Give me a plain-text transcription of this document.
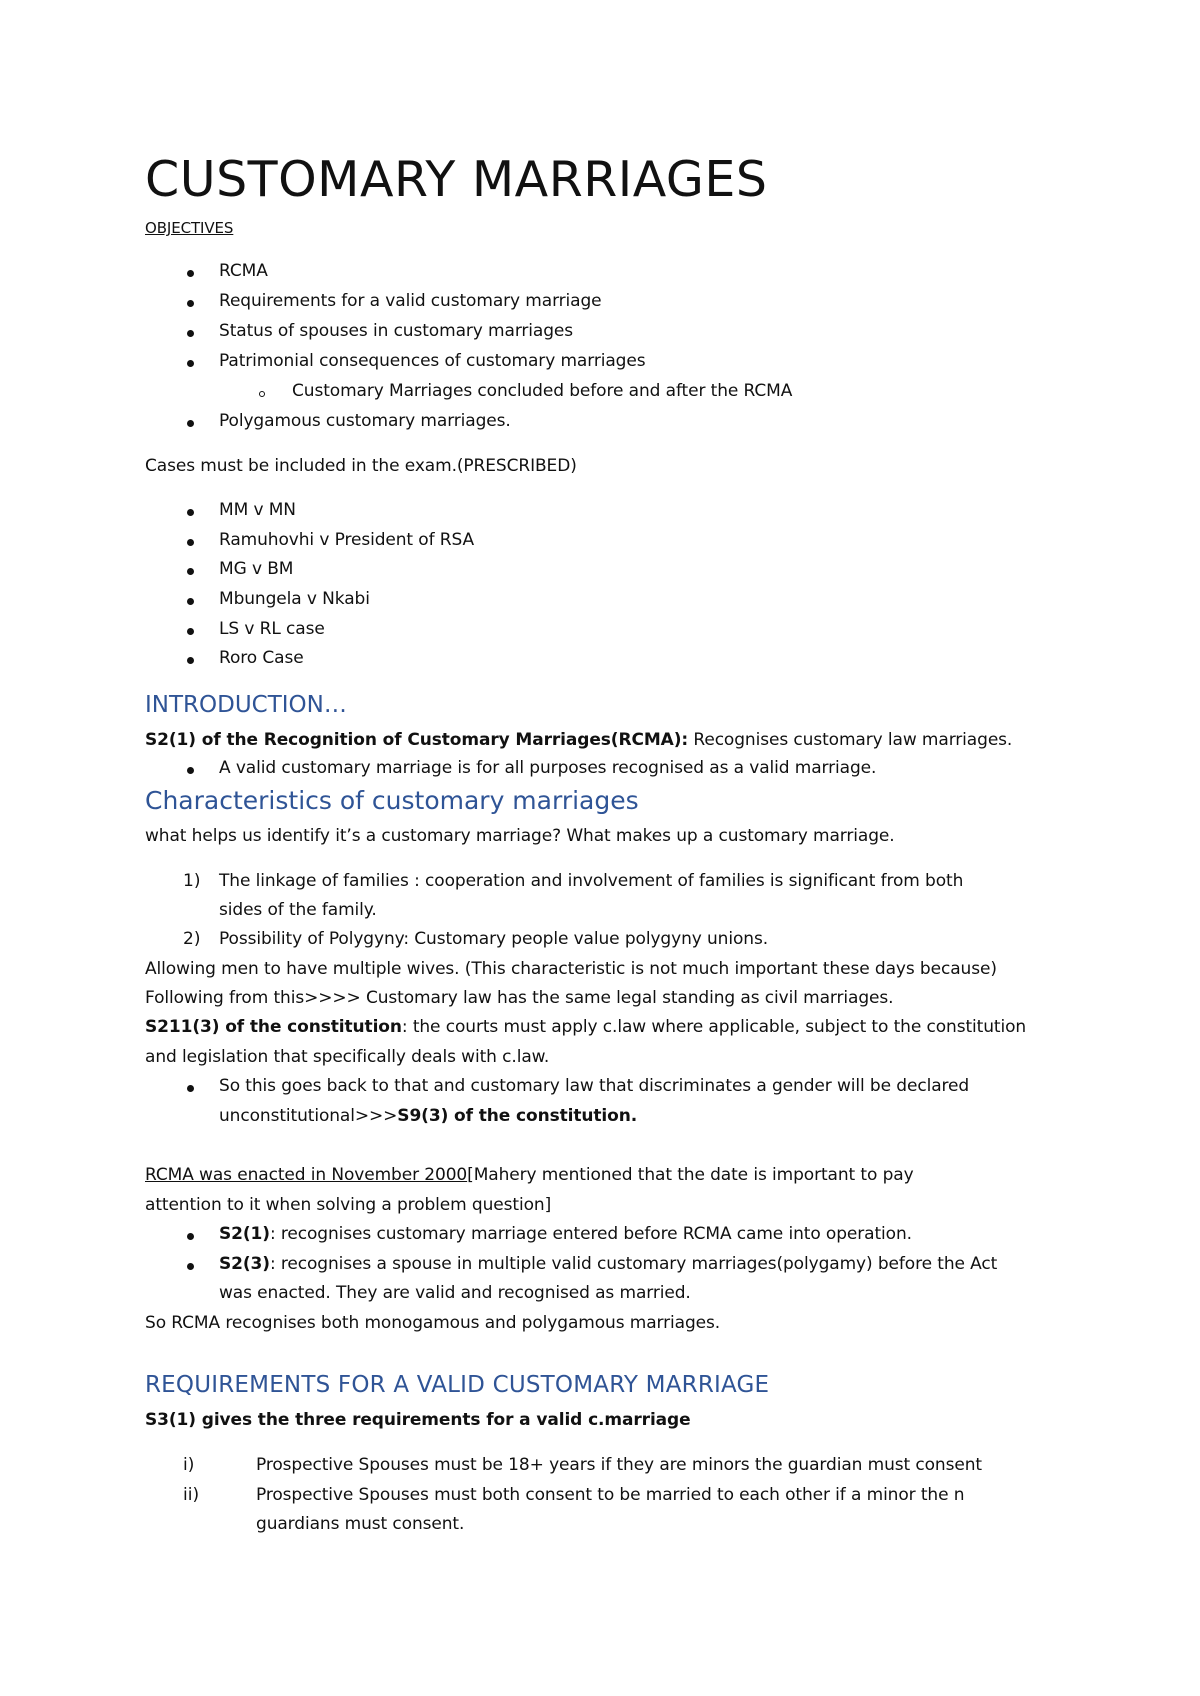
CUSTOMARY MARRIAGES
OBJECTIVES
RCMA
Requirements for a valid customary marriage
Status of spouses in customary marriages
Patrimonial consequences of customary marriages
Customary Marriages concluded before and after the RCMA
Polygamous customary marriages.
Cases must be included in the exam.(PRESCRIBED)
MM v MN
Ramuhovhi v President of RSA
MG v BM
Mbungela v Nkabi
LS v RL case
Roro Case
INTRODUCTION…
S2(1) of the Recognition of Customary Marriages(RCMA): Recognises customary law marriages.
A valid customary marriage is for all purposes recognised as a valid marriage.
Characteristics of customary marriages
what helps us identify it’s a customary marriage? What makes up a customary marriage.
1) The linkage of families : cooperation and involvement of families is significant from both
sides of the family.
2) Possibility of Polygyny: Customary people value polygyny unions.
Allowing men to have multiple wives. (This characteristic is not much important these days because)
Following from this>>>> Customary law has the same legal standing as civil marriages.
S211(3) of the constitution: the courts must apply c.law where applicable, subject to the constitution
and legislation that specifically deals with c.law.
So this goes back to that and customary law that discriminates a gender will be declared
unconstitutional>>>S9(3) of the constitution.
RCMA was enacted in November 2000[Mahery mentioned that the date is important to pay
attention to it when solving a problem question]
S2(1): recognises customary marriage entered before RCMA came into operation.
S2(3): recognises a spouse in multiple valid customary marriages(polygamy) before the Act
was enacted. They are valid and recognised as married.
So RCMA recognises both monogamous and polygamous marriages.
REQUIREMENTS FOR A VALID CUSTOMARY MARRIAGE
S3(1) gives the three requirements for a valid c.marriage
i)	Prospective Spouses must be 18+ years if they are minors the guardian must consent
ii)	Prospective Spouses must both consent to be married to each other if a minor the n
guardians must consent.
